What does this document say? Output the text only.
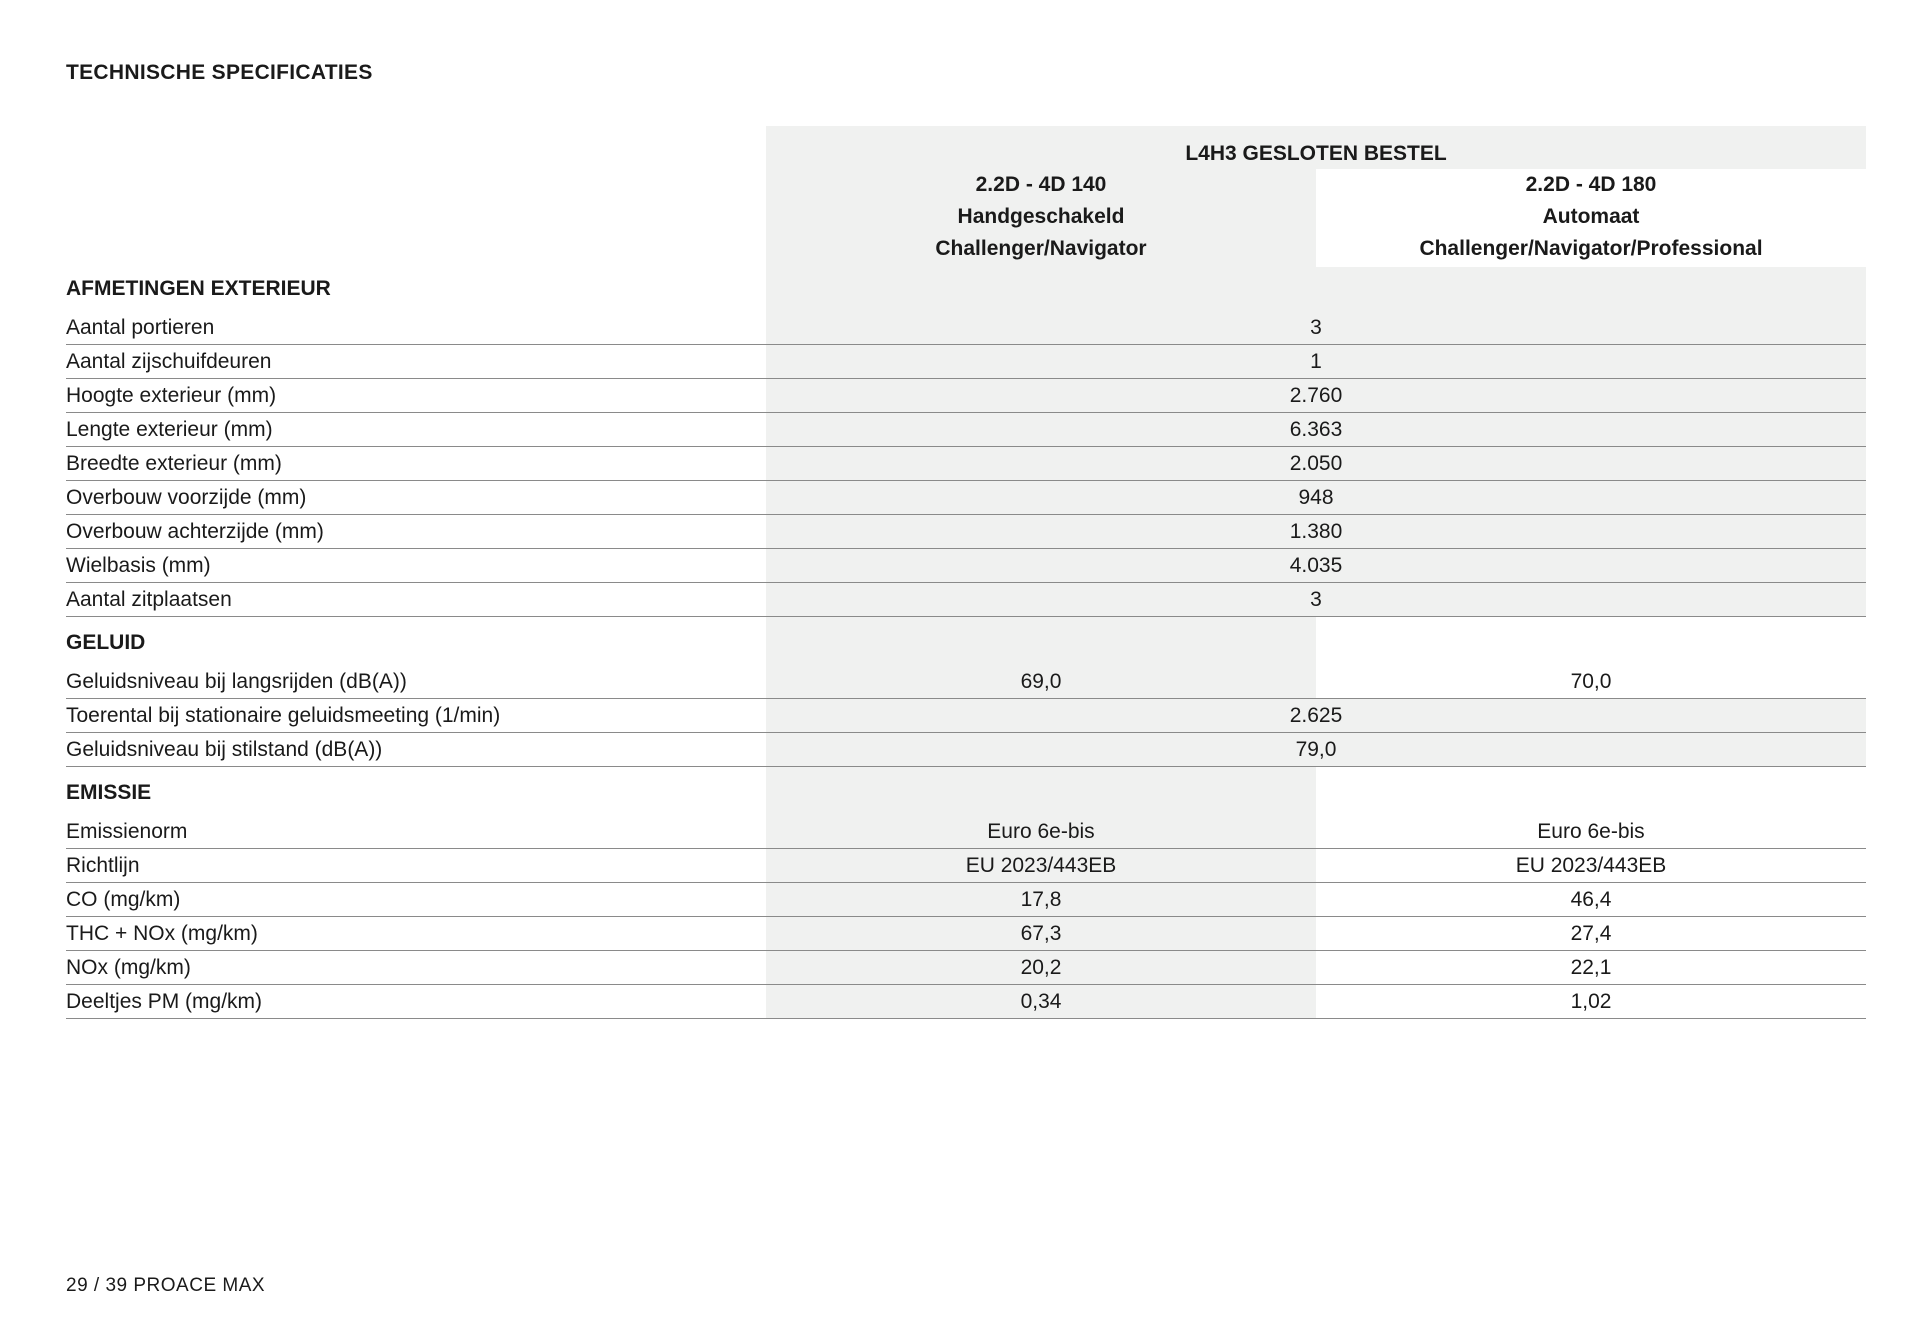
TECHNISCHE SPECIFICATIES
L4H3 GESLOTEN BESTEL
2.2D - 4D 140
Handgeschakeld
Challenger/Navigator
2.2D - 4D 180
Automaat
Challenger/Navigator/Professional
AFMETINGEN EXTERIEUR
Aantal portieren	3
Aantal zijschuifdeuren	1
Hoogte exterieur (mm)	2.760
Lengte exterieur (mm)	6.363
Breedte exterieur (mm)	2.050
Overbouw voorzijde (mm)	948
Overbouw achterzijde (mm)	1.380
Wielbasis (mm)	4.035
Aantal zitplaatsen	3
GELUID
Geluidsniveau bij langsrijden (dB(A))	69,0	70,0
Toerental bij stationaire geluidsmeeting (1/min)	2.625
Geluidsniveau bij stilstand (dB(A))	79,0
EMISSIE
Emissienorm	Euro 6e-bis	Euro 6e-bis
Richtlijn	EU 2023/443EB	EU 2023/443EB
CO (mg/km)	17,8	46,4
THC + NOx (mg/km)	67,3	27,4
NOx (mg/km)	20,2	22,1
Deeltjes PM (mg/km)	0,34	1,02
29 / 39 PROACE MAX
